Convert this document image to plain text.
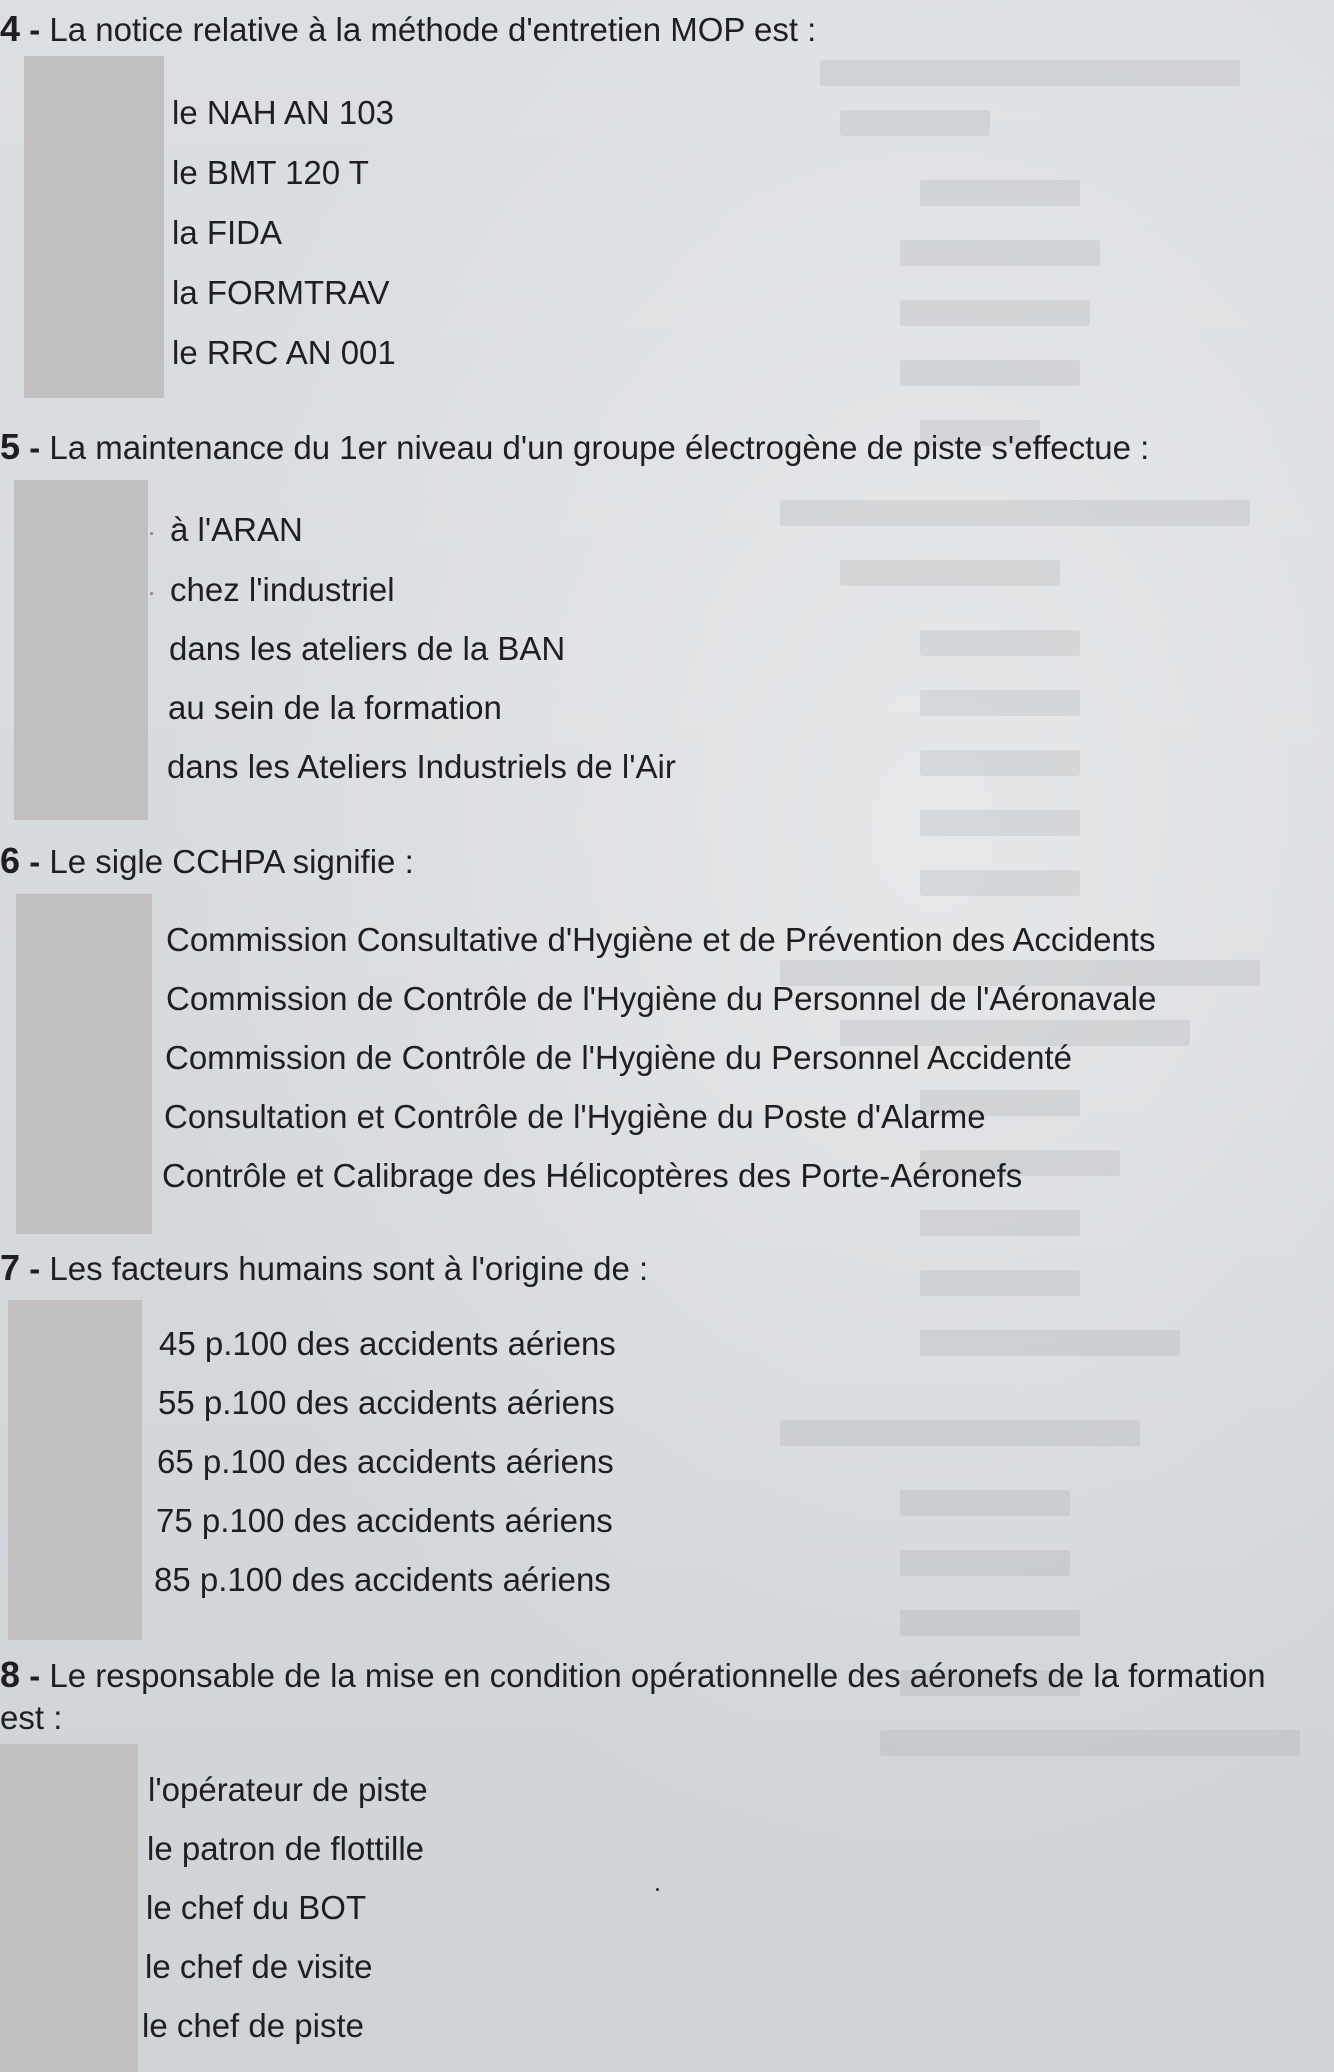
4 - La notice relative à la méthode d'entretien MOP est :
le NAH AN 103
le BMT 120 T
la FIDA
la FORMTRAV
le RRC AN 001
5 - La maintenance du 1er niveau d'un groupe électrogène de piste s'effectue :
à l'ARAN
chez l'industriel
dans les ateliers de la BAN
au sein de la formation
dans les Ateliers Industriels de l'Air
6 - Le sigle CCHPA signifie :
Commission Consultative d'Hygiène et de Prévention des Accidents
Commission de Contrôle de l'Hygiène du Personnel de l'Aéronavale
Commission de Contrôle de l'Hygiène du Personnel Accidenté
Consultation et Contrôle de l'Hygiène du Poste d'Alarme
Contrôle et Calibrage des Hélicoptères des Porte-Aéronefs
7 - Les facteurs humains sont à l'origine de :
45 p.100 des accidents aériens
55 p.100 des accidents aériens
65 p.100 des accidents aériens
75 p.100 des accidents aériens
85 p.100 des accidents aériens
8 - Le responsable de la mise en condition opérationnelle des aéronefs de la formation est :
l'opérateur de piste
le patron de flottille
le chef du BOT
le chef de visite
le chef de piste
